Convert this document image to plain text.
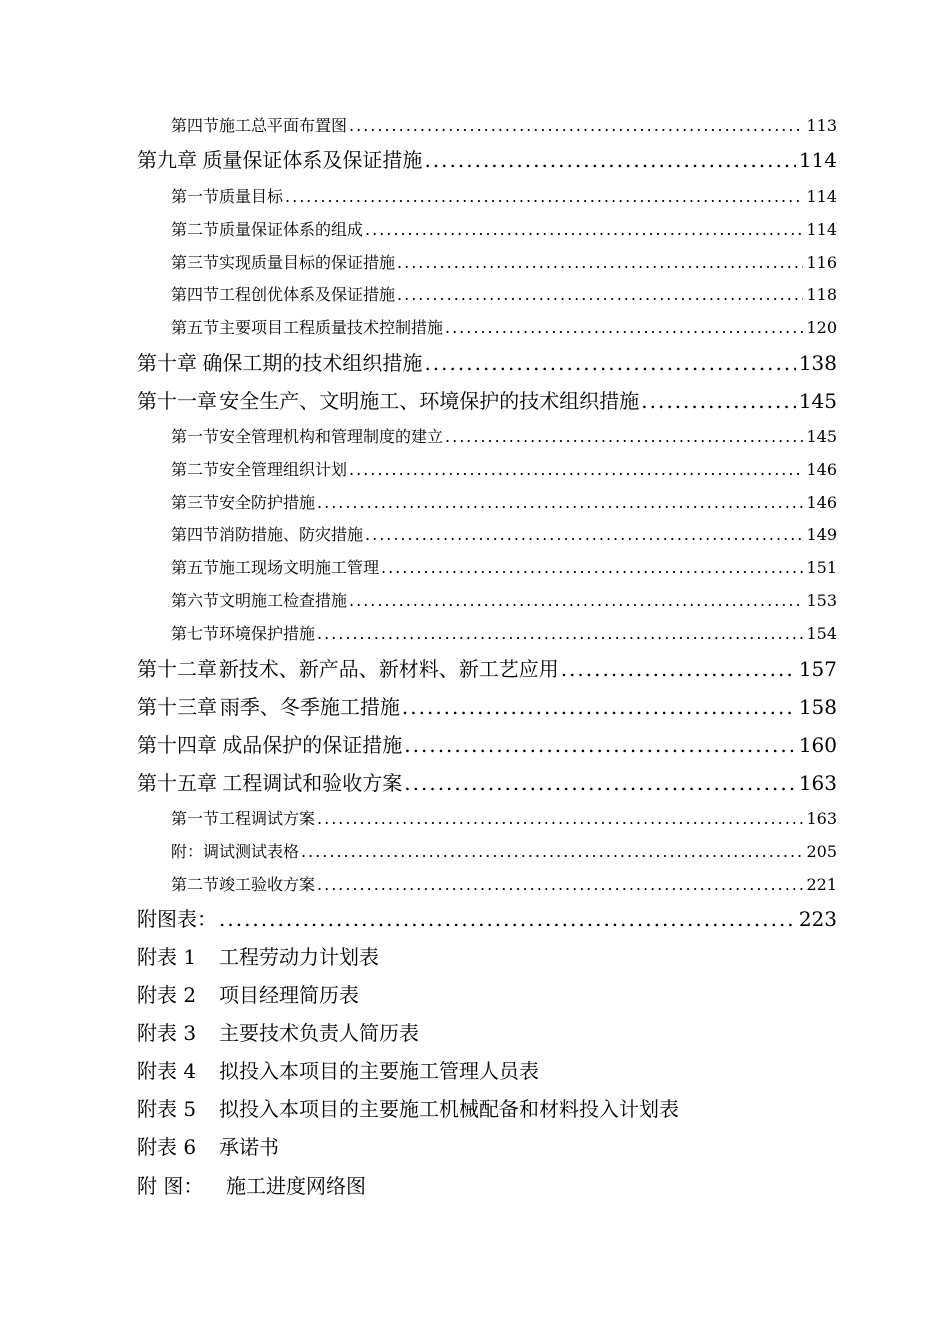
第四节 施工总平面布置图 .....	113
第九章 质量保证体系及保证措施 .....	114
第一节 质量目标 .....	114
第二节 质量保证体系的组成 .....	114
第三节 实现质量目标的保证措施 .....	116
第四节 工程创优体系及保证措施 .....	118
第五节 主要项目工程质量技术控制措施 .....	120
第十章 确保工期的技术组织措施 .....	138
第十一章 安全生产、文明施工、环境保护的技术组织措施 .....	145
第一节 安全管理机构和管理制度的建立 .....	145
第二节 安全管理组织计划 .....	146
第三节 安全防护措施 .....	146
第四节 消防措施、防灾措施 .....	149
第五节 施工现场文明施工管理 .....	151
第六节 文明施工检查措施 .....	153
第七节 环境保护措施 .....	154
第十二章 新技术、新产品、新材料、新工艺应用 .....	157
第十三章 雨季、冬季施工措施 .....	158
第十四章 成品保护的保证措施 .....	160
第十五章 工程调试和验收方案 .....	163
第一节 工程调试方案 .....	163
附： 调试测试表格 .....	205
第二节 竣工验收方案 .....	221
附图表： .....	223
附表 1	工程劳动力计划表
附表 2	项目经理简历表
附表 3	主要技术负责人简历表
附表 4	拟投入本项目的主要施工管理人员表
附表 5	拟投入本项目的主要施工机械配备和材料投入计划表
附表 6	承诺书
附 图：	施工进度网络图
